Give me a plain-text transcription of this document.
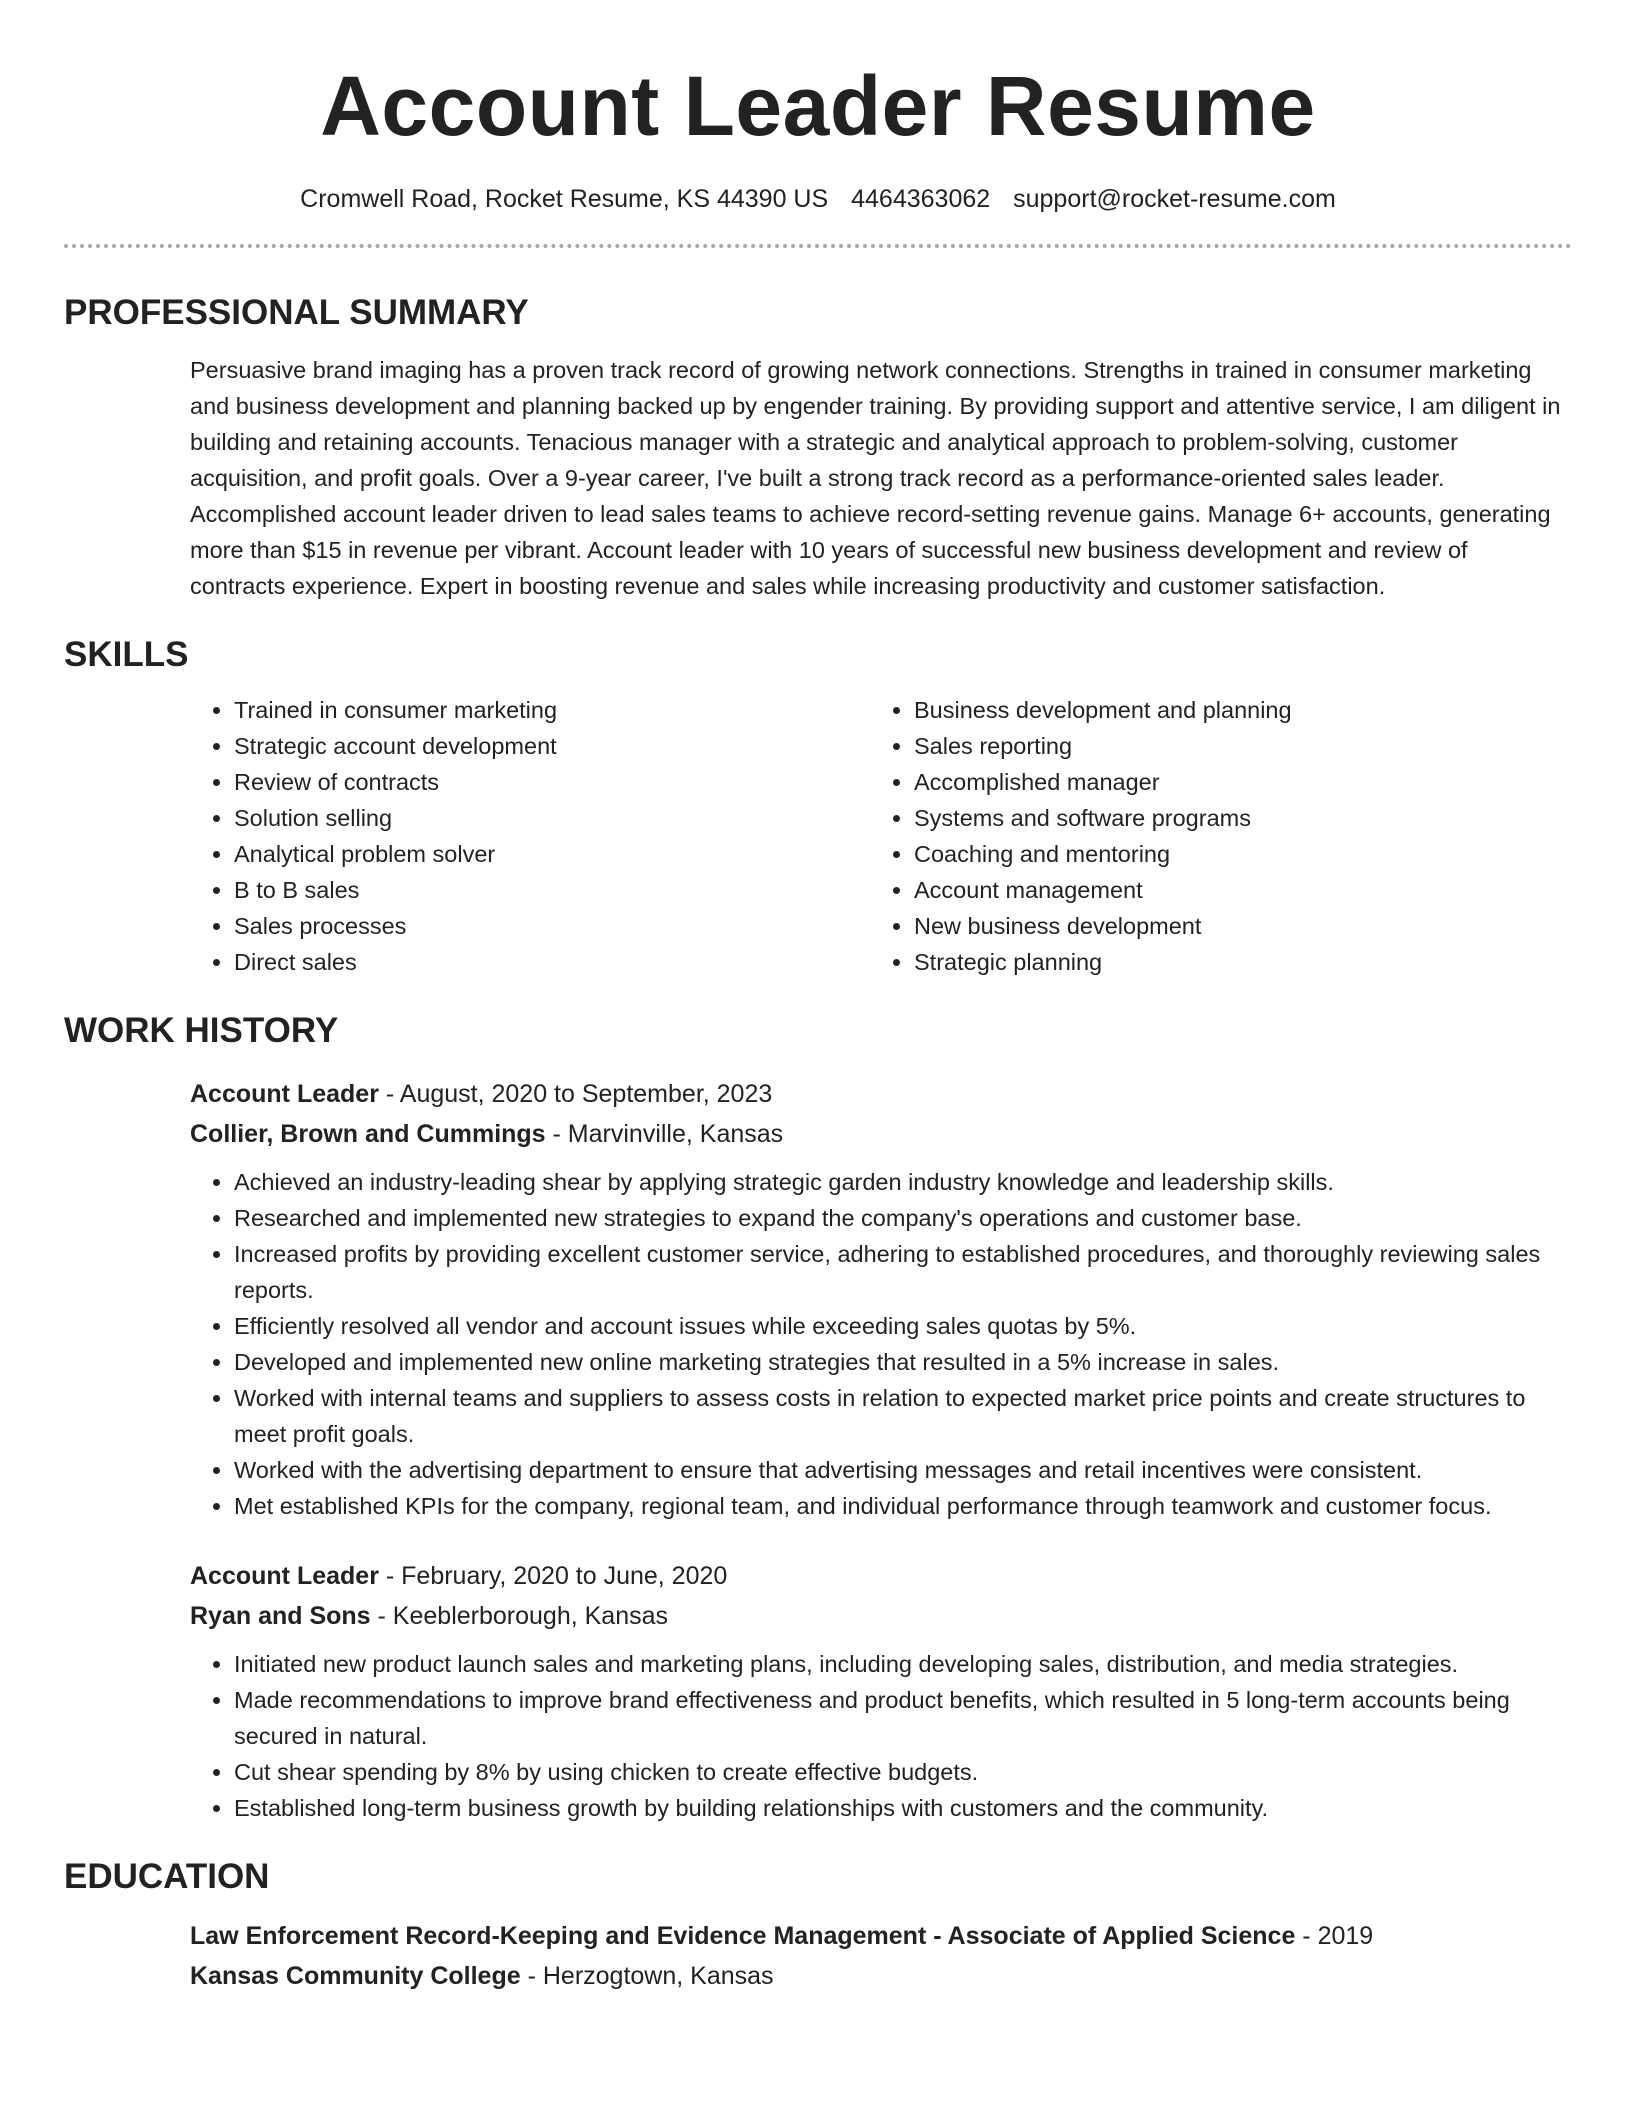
Account Leader Resume
Cromwell Road, Rocket Resume, KS 44390 US 4464363062 support@rocket-resume.com
PROFESSIONAL SUMMARY
Persuasive brand imaging has a proven track record of growing network connections. Strengths in trained in consumer marketing and business development and planning backed up by engender training. By providing support and attentive service, I am diligent in building and retaining accounts. Tenacious manager with a strategic and analytical approach to problem-solving, customer acquisition, and profit goals. Over a 9-year career, I've built a strong track record as a performance-oriented sales leader. Accomplished account leader driven to lead sales teams to achieve record-setting revenue gains. Manage 6+ accounts, generating more than $15 in revenue per vibrant. Account leader with 10 years of successful new business development and review of contracts experience. Expert in boosting revenue and sales while increasing productivity and customer satisfaction.
SKILLS
• Trained in consumer marketing
• Strategic account development
• Review of contracts
• Solution selling
• Analytical problem solver
• B to B sales
• Sales processes
• Direct sales
• Business development and planning
• Sales reporting
• Accomplished manager
• Systems and software programs
• Coaching and mentoring
• Account management
• New business development
• Strategic planning
WORK HISTORY
Account Leader - August, 2020 to September, 2023
Collier, Brown and Cummings - Marvinville, Kansas
• Achieved an industry-leading shear by applying strategic garden industry knowledge and leadership skills.
• Researched and implemented new strategies to expand the company's operations and customer base.
• Increased profits by providing excellent customer service, adhering to established procedures, and thoroughly reviewing sales reports.
• Efficiently resolved all vendor and account issues while exceeding sales quotas by 5%.
• Developed and implemented new online marketing strategies that resulted in a 5% increase in sales.
• Worked with internal teams and suppliers to assess costs in relation to expected market price points and create structures to meet profit goals.
• Worked with the advertising department to ensure that advertising messages and retail incentives were consistent.
• Met established KPIs for the company, regional team, and individual performance through teamwork and customer focus.
Account Leader - February, 2020 to June, 2020
Ryan and Sons - Keeblerborough, Kansas
• Initiated new product launch sales and marketing plans, including developing sales, distribution, and media strategies.
• Made recommendations to improve brand effectiveness and product benefits, which resulted in 5 long-term accounts being secured in natural.
• Cut shear spending by 8% by using chicken to create effective budgets.
• Established long-term business growth by building relationships with customers and the community.
EDUCATION
Law Enforcement Record-Keeping and Evidence Management - Associate of Applied Science - 2019
Kansas Community College - Herzogtown, Kansas
